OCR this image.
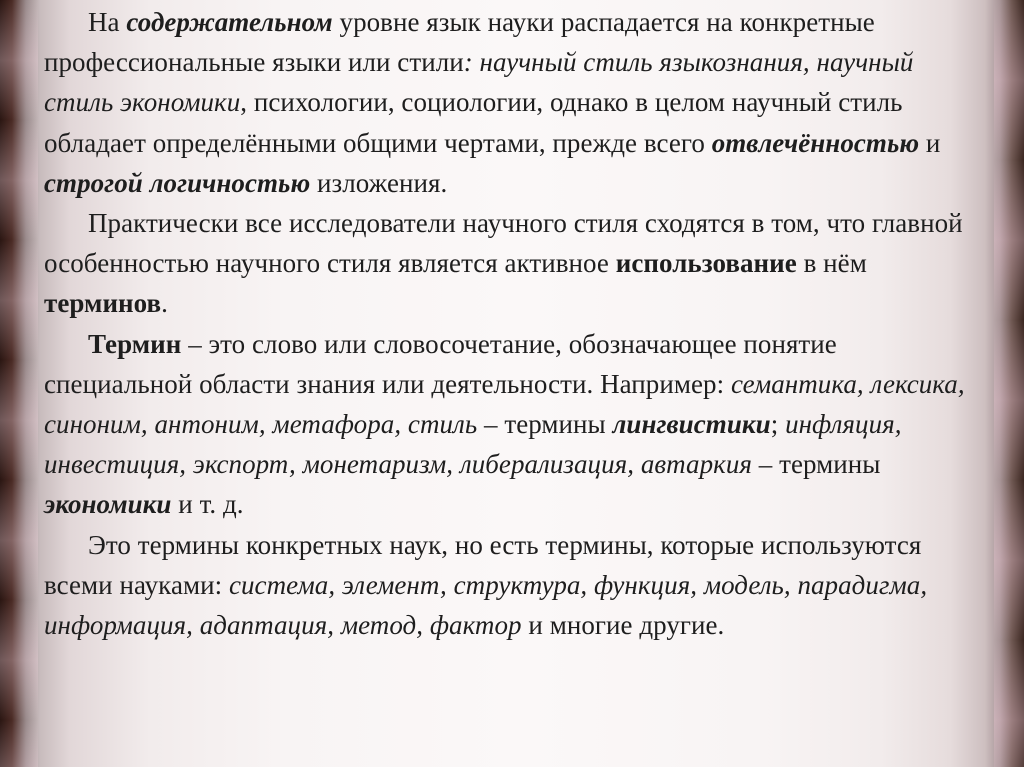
На содержательном уровне язык науки распадается на конкретные профессиональные языки или стили: научный стиль языкознания, научный стиль экономики, психологии, социологии, однако в целом научный стиль обладает определёнными общими чертами, прежде всего отвлечённостью и строгой логичностью изложения.

Практически все исследователи научного стиля сходятся в том, что главной особенностью научного стиля является активное использование в нём терминов.

Термин – это слово или словосочетание, обозначающее понятие специальной области знания или деятельности. Например: семантика, лексика, синоним, антоним, метафора, стиль – термины лингвистики; инфляция, инвестиция, экспорт, монетаризм, либерализация, автаркия – термины экономики и т. д.

Это термины конкретных наук, но есть термины, которые используются всеми науками: система, элемент, структура, функция, модель, парадигма, информация, адаптация, метод, фактор и многие другие.
